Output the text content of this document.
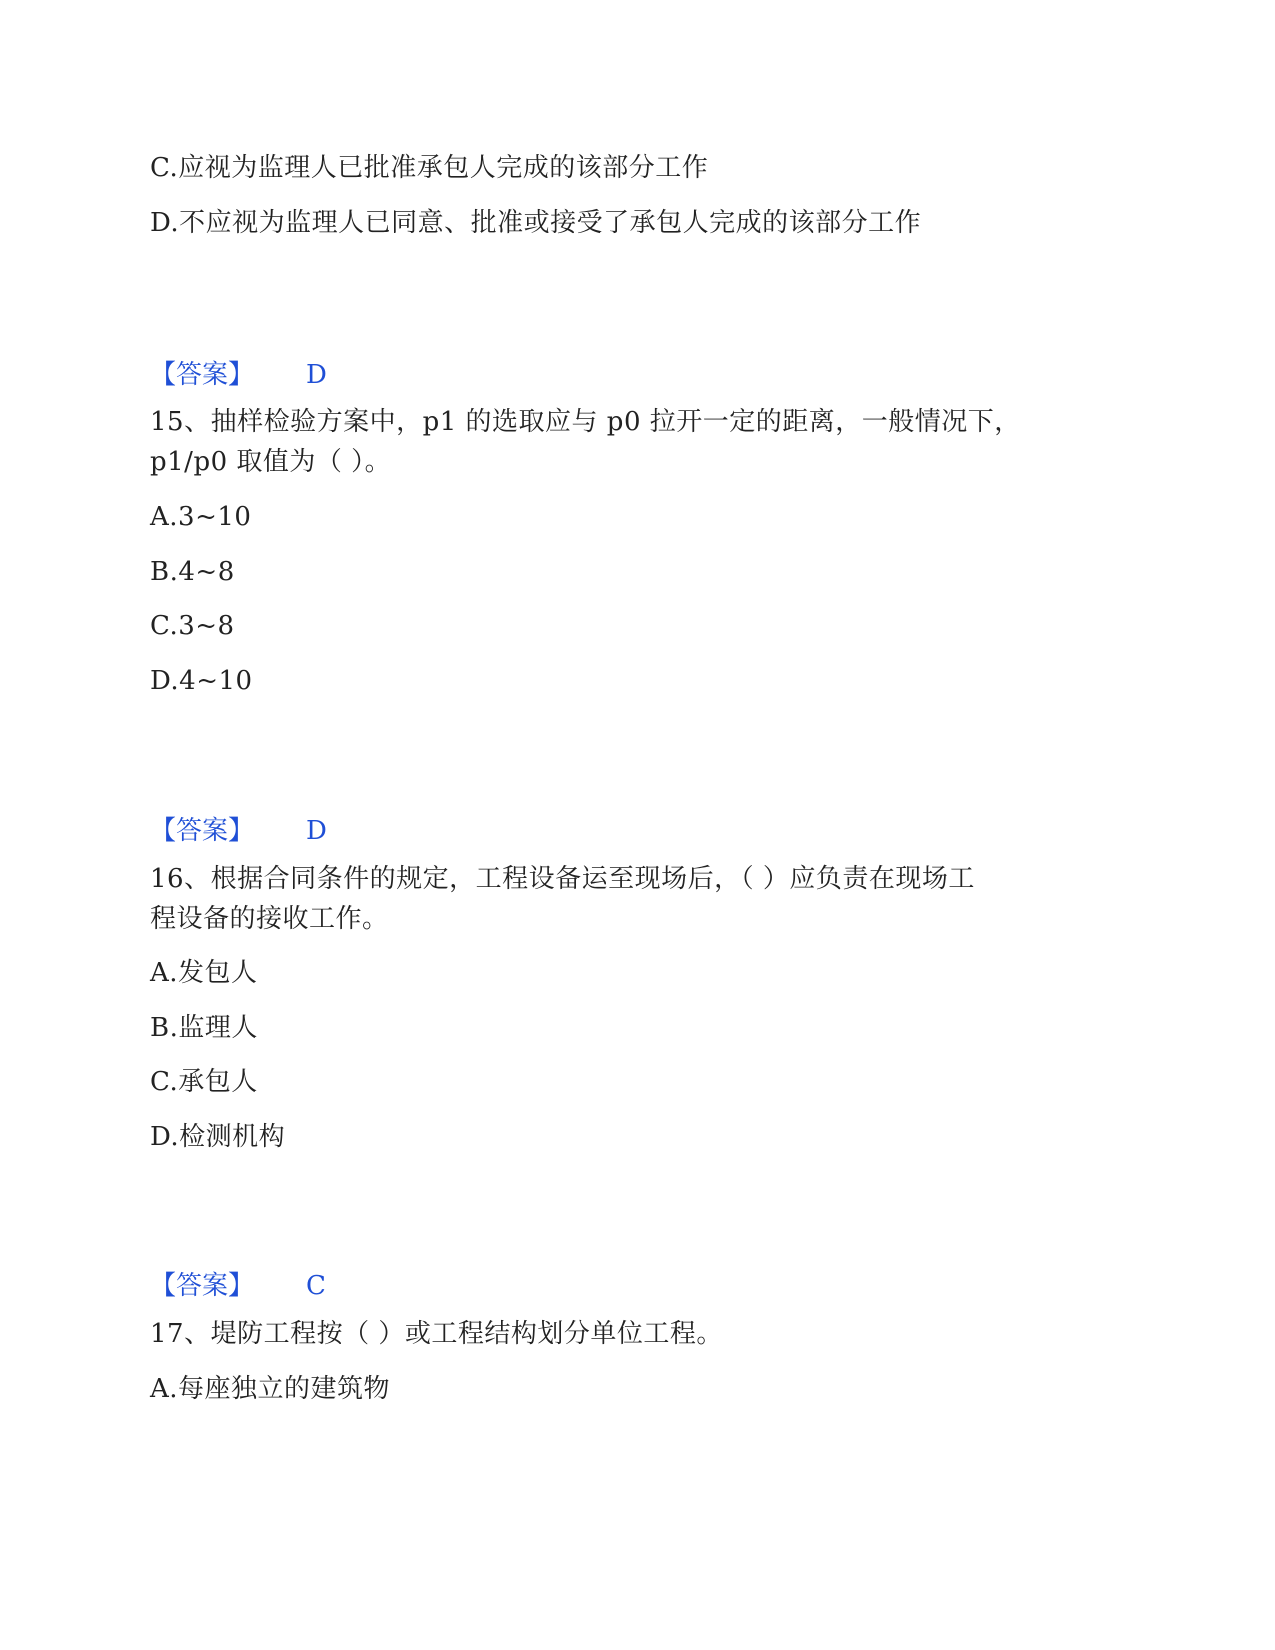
C.应视为监理人已批准承包人完成的该部分工作
D.不应视为监理人已同意、批准或接受了承包人完成的该部分工作
【答案】 D
15、抽样检验方案中，p1 的选取应与 p0 拉开一定的距离，一般情况下，
p1/p0 取值为（ ）。
A.3~10
B.4~8
C.3~8
D.4~10
【答案】 D
16、根据合同条件的规定，工程设备运至现场后，（ ）应负责在现场工
程设备的接收工作。
A.发包人
B.监理人
C.承包人
D.检测机构
【答案】 C
17、堤防工程按（ ）或工程结构划分单位工程。
A.每座独立的建筑物
